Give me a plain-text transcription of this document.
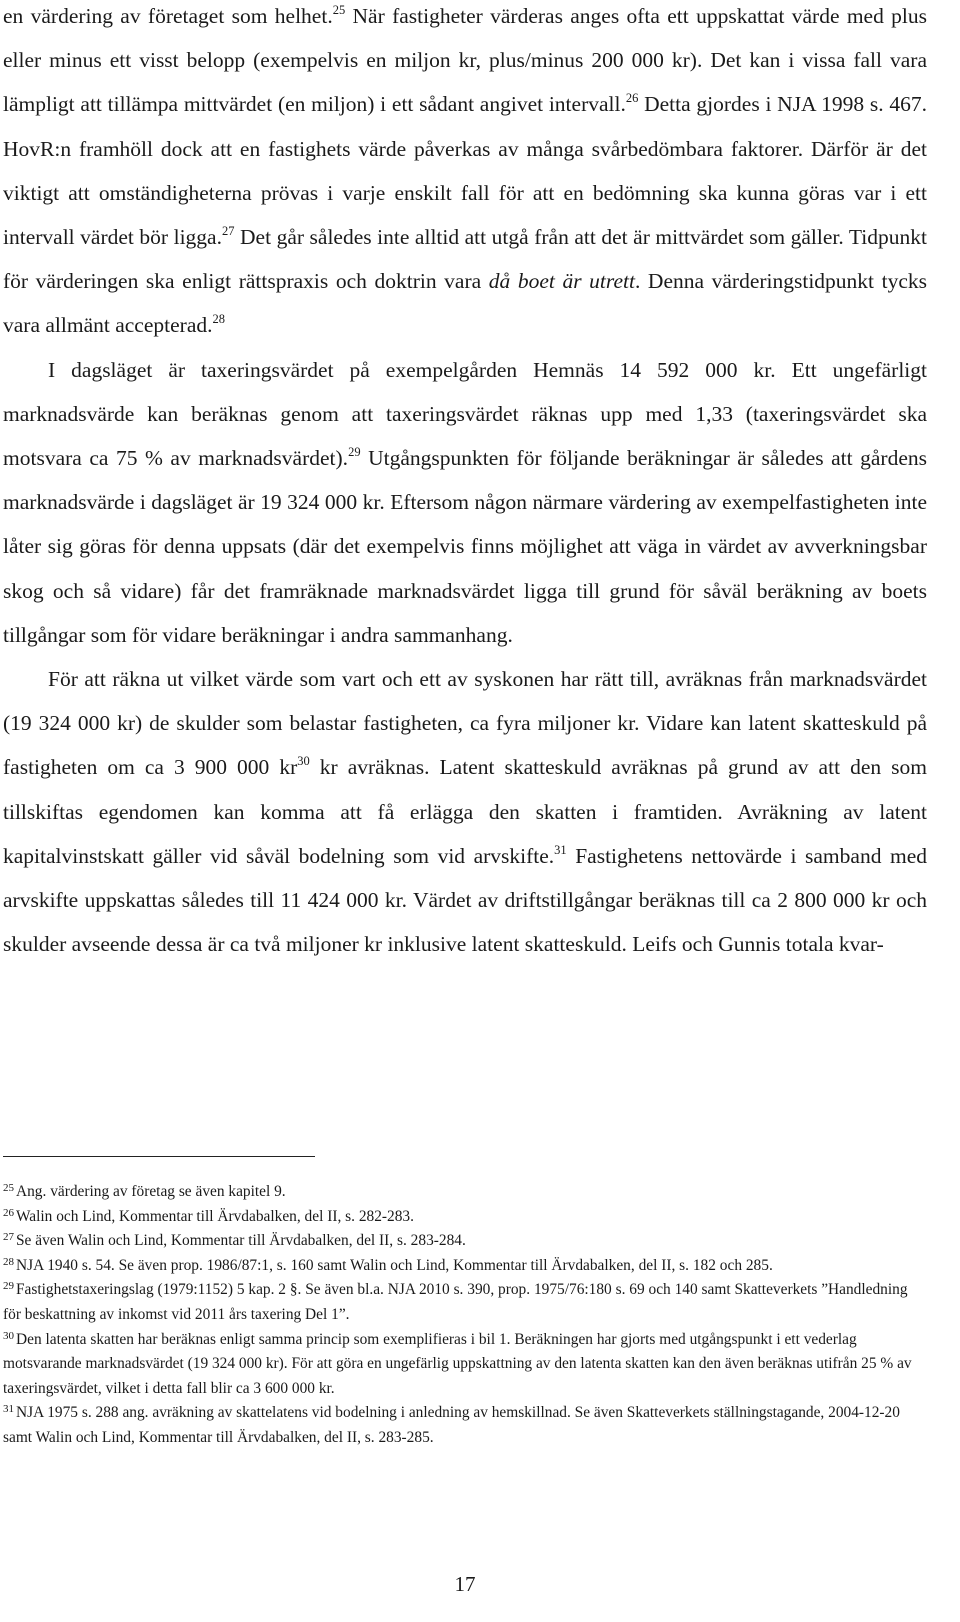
en värdering av företaget som helhet.$^{25}$ När fastigheter värderas anges ofta ett uppskattat värde med plus eller minus ett visst belopp (exempelvis en miljon kr, plus/minus 200 000 kr). Det kan i vissa fall vara lämpligt att tillämpa mittvärdet (en miljon) i ett sådant angivet intervall.$^{26}$ Detta gjordes i NJA 1998 s. 467. HovR:n framhöll dock att en fastighets värde påverkas av många svårbedömbara faktorer. Därför är det viktigt att omständigheterna prövas i varje enskilt fall för att en bedömning ska kunna göras var i ett intervall värdet bör ligga.$^{27}$ Det går således inte alltid att utgå från att det är mittvärdet som gäller. Tidpunkt för värderingen ska enligt rättspraxis och doktrin vara då boet är utrett. Denna värderingstidpunkt tycks vara allmänt accepterad.$^{28}$

I dagsläget är taxeringsvärdet på exempelgården Hemnäs 14 592 000 kr. Ett ungefärligt marknadsvärde kan beräknas genom att taxeringsvärdet räknas upp med 1,33 (taxeringsvärdet ska motsvara ca 75 % av marknadsvärdet).$^{29}$ Utgångspunkten för följande beräkningar är således att gårdens marknadsvärde i dagsläget är 19 324 000 kr. Eftersom någon närmare värdering av exempelfastigheten inte låter sig göras för denna uppsats (där det exempelvis finns möjlighet att väga in värdet av avverkningsbar skog och så vidare) får det framräknade marknadsvärdet ligga till grund för såväl beräkning av boets tillgångar som för vidare beräkningar i andra sammanhang.

För att räkna ut vilket värde som vart och ett av syskonen har rätt till, avräknas från marknadsvärdet (19 324 000 kr) de skulder som belastar fastigheten, ca fyra miljoner kr. Vidare kan latent skatteskuld på fastigheten om ca 3 900 000 $kr^{30}$ kr avräknas. Latent skatteskuld avräknas på grund av att den som tillskiftas egendomen kan komma att få erlägga den skatten i framtiden. Avräkning av latent kapitalvinstskatt gäller vid såväl bodelning som vid arvskifte.$^{31}$ Fastighetens nettovärde i samband med arvskifte uppskattas således till 11 424 000 kr. Värdet av driftstillgångar beräknas till ca 2 800 000 kr och skulder avseende dessa är ca två miljoner kr inklusive latent skatteskuld. Leifs och Gunnis totala kvar-

$^{25}$ Ang. värdering av företag se även kapitel 9.

$^{26}$ Walin och Lind, Kommentar till Ärvdabalken, del II, s. 282-283.

$^{27}$ Se även Walin och Lind, Kommentar till Ärvdabalken, del II, s. 283-284.

$^{28}$ NJA 1940 s. 54. Se även prop. 1986/87:1, s. 160 samt Walin och Lind, Kommentar till Ärvdabalken, del II, s. 182 och 285.

$^{29}$ Fastighetstaxeringslag (1979:1152) 5 kap. 2 §. Se även bl.a. NJA 2010 s. 390, prop. 1975/76:180 s. 69 och 140 samt Skatteverkets ”Handledning för beskattning av inkomst vid 2011 års taxering Del 1”.

$^{30}$ Den latenta skatten har beräknas enligt samma princip som exemplifieras i bil 1. Beräkningen har gjorts med utgångspunkt i ett vederlag motsvarande marknadsvärdet (19 324 000 kr). För att göra en ungefärlig uppskattning av den latenta skatten kan den även beräknas utifrån 25 % av taxeringsvärdet, vilket i detta fall blir ca 3 600 000 kr.

$^{31}$ NJA 1975 s. 288 ang. avräkning av skattelatens vid bodelning i anledning av hemskillnad. Se även Skatteverkets ställningstagande, 2004-12-20 samt Walin och Lind, Kommentar till Ärvdabalken, del II, s. 283-285.

17
